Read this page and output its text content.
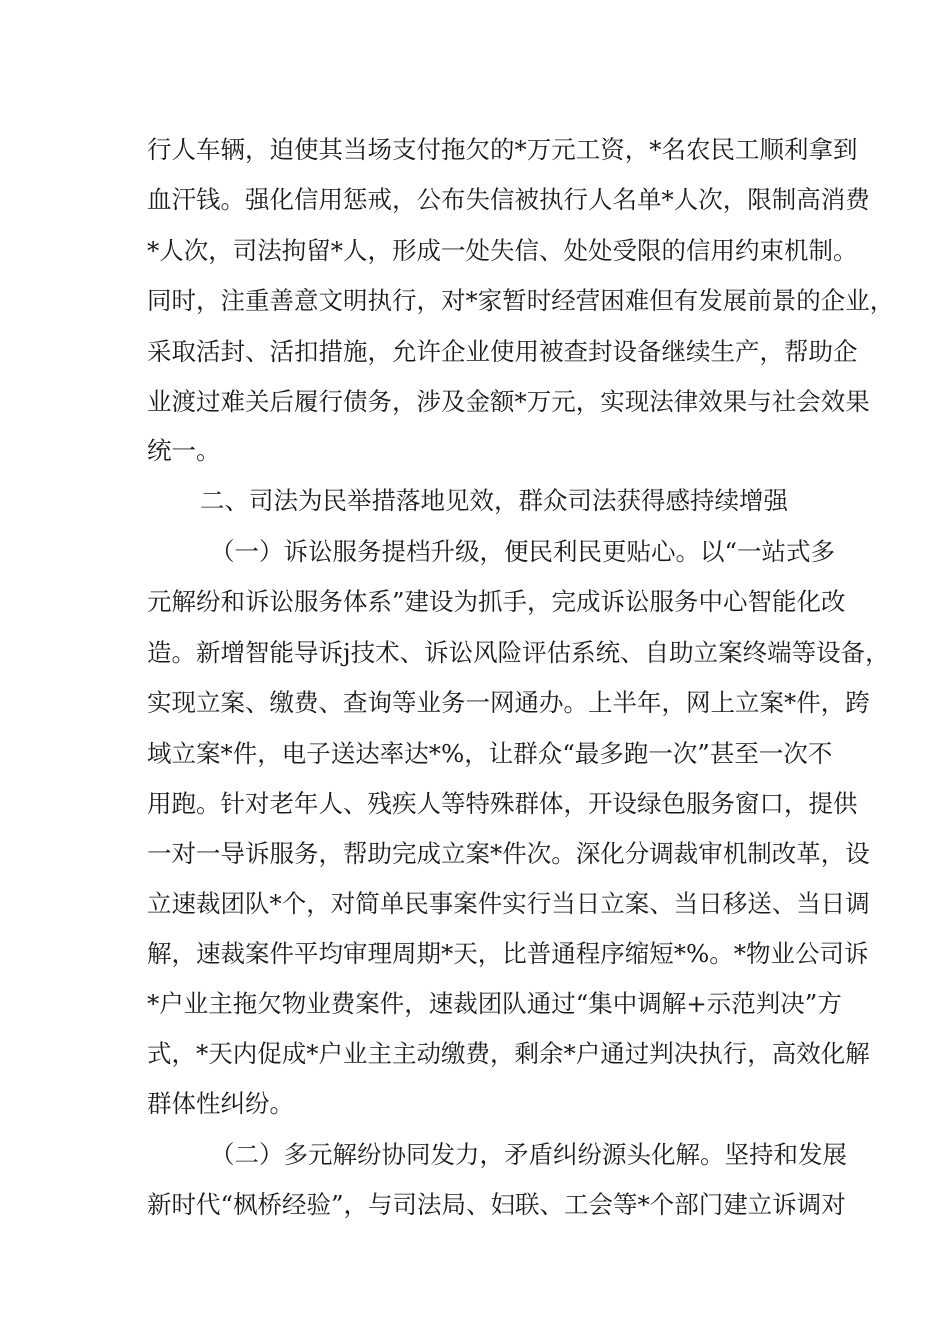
行人车辆，迫使其当场支付拖欠的*万元工资，*名农民工顺利拿到
血汗钱。强化信用惩戒，公布失信被执行人名单*人次，限制高消费
*人次，司法拘留*人，形成一处失信、处处受限的信用约束机制。
同时，注重善意文明执行，对*家暂时经营困难但有发展前景的企业，
采取活封、活扣措施，允许企业使用被查封设备继续生产，帮助企
业渡过难关后履行债务，涉及金额*万元，实现法律效果与社会效果
统一。
二、司法为民举措落地见效，群众司法获得感持续增强
（一）诉讼服务提档升级，便民利民更贴心。以“一站式多
元解纷和诉讼服务体系”建设为抓手，完成诉讼服务中心智能化改
造。新增智能导诉j技术、诉讼风险评估系统、自助立案终端等设备，
实现立案、缴费、查询等业务一网通办。上半年，网上立案*件，跨
域立案*件，电子送达率达*%，让群众“最多跑一次”甚至一次不
用跑。针对老年人、残疾人等特殊群体，开设绿色服务窗口，提供
一对一导诉服务，帮助完成立案*件次。深化分调裁审机制改革，设
立速裁团队*个，对简单民事案件实行当日立案、当日移送、当日调
解，速裁案件平均审理周期*天，比普通程序缩短*%。*物业公司诉
*户业主拖欠物业费案件，速裁团队通过“集中调解+示范判决”方
式，*天内促成*户业主主动缴费，剩余*户通过判决执行，高效化解
群体性纠纷。
（二）多元解纷协同发力，矛盾纠纷源头化解。坚持和发展
新时代“枫桥经验”，与司法局、妇联、工会等*个部门建立诉调对
